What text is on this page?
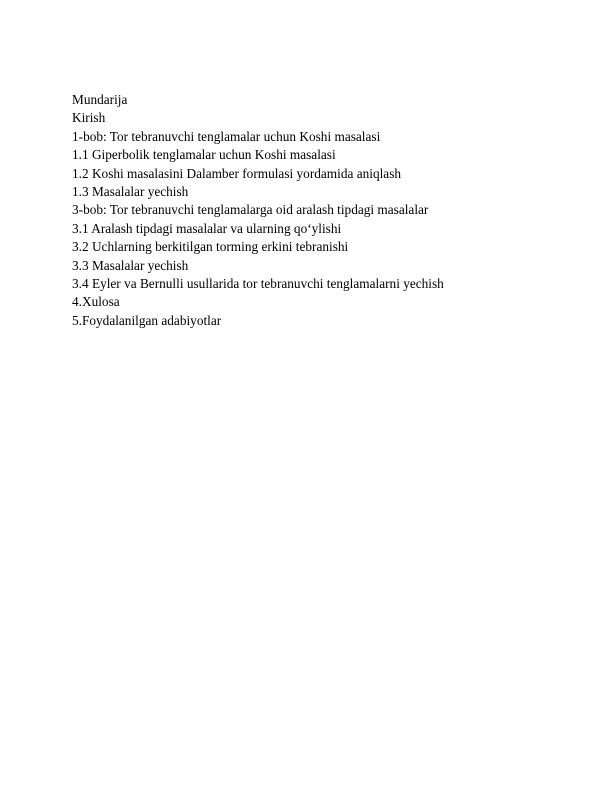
Mundarija
Kirish
1-bob: Tor tebranuvchi tenglamalar uchun Koshi masalasi
1.1 Giperbolik tenglamalar uchun Koshi masalasi
1.2 Koshi masalasini Dalamber formulasi yordamida aniqlash
1.3 Masalalar yechish
3-bob: Tor tebranuvchi tenglamalarga oid aralash tipdagi masalalar
3.1 Aralash tipdagi masalalar va ularning qo‘ylishi
3.2 Uchlarning berkitilgan torming erkini tebranishi
3.3 Masalalar yechish
3.4 Eyler va Bernulli usullarida tor tebranuvchi tenglamalarni yechish
4.Xulosa
5.Foydalanilgan adabiyotlar
